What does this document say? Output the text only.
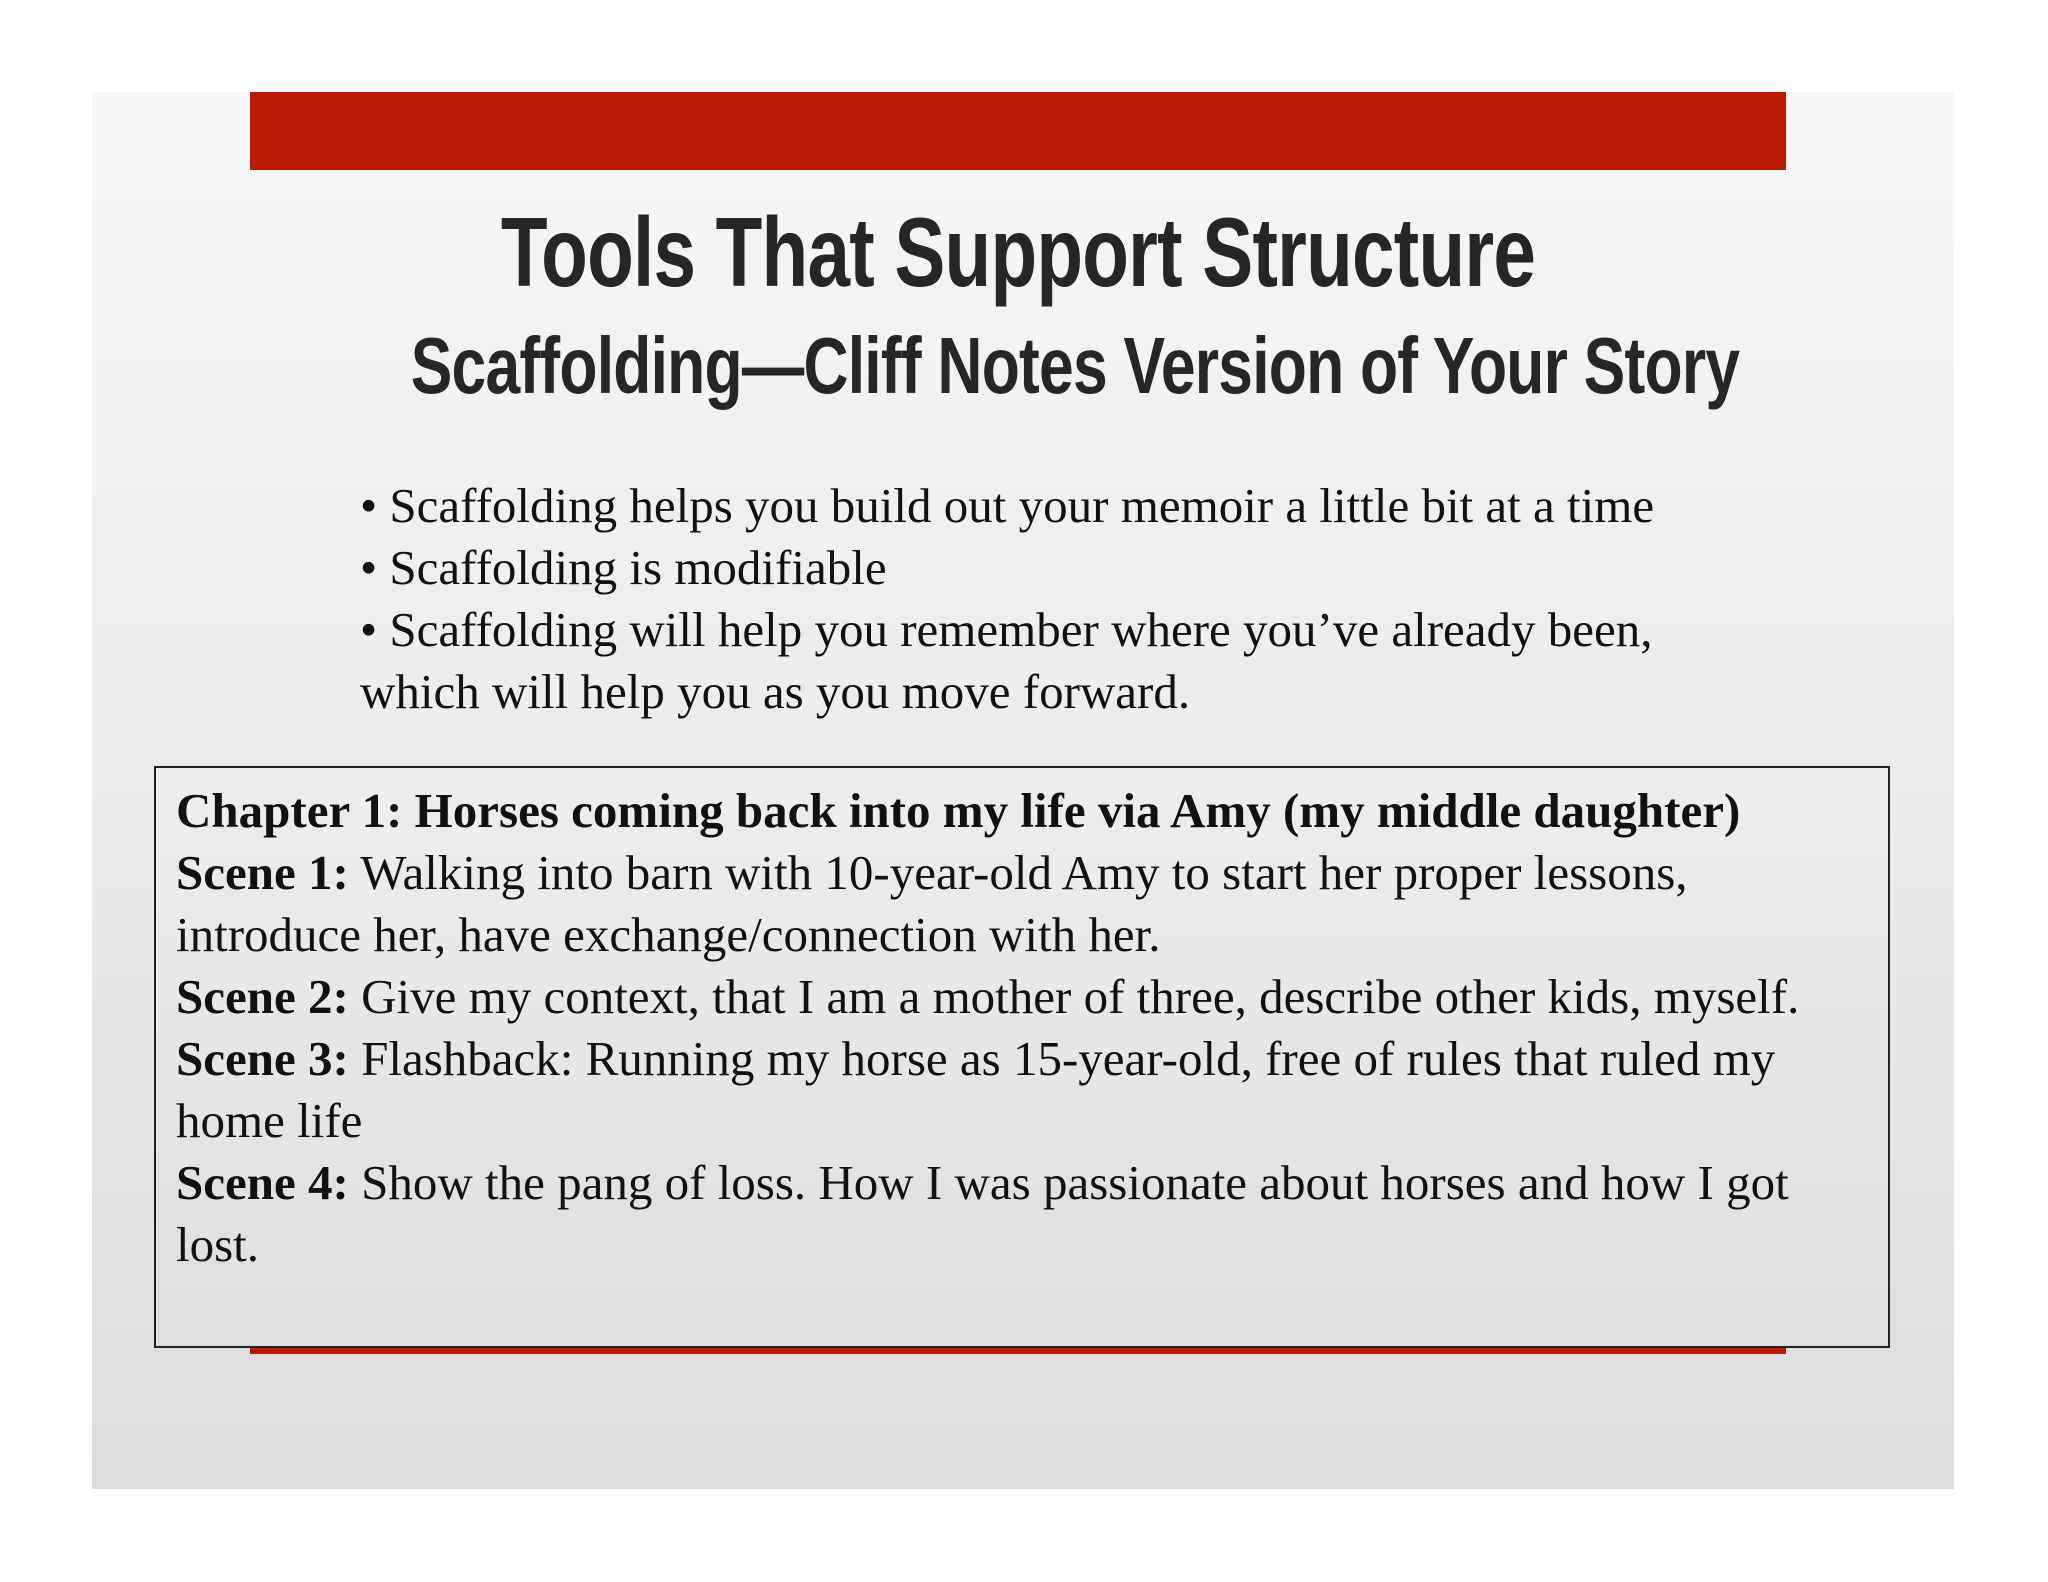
Tools That Support Structure
Scaffolding—Cliff Notes Version of Your Story
• Scaffolding helps you build out your memoir a little bit at a time
• Scaffolding is modifiable
• Scaffolding will help you remember where you’ve already been, which will help you as you move forward.

Chapter 1: Horses coming back into my life via Amy (my middle daughter)

Scene 1: Walking into barn with 10-year-old Amy to start her proper lessons, introduce her, have exchange/connection with her.

Scene 2: Give my context, that I am a mother of three, describe other kids, myself.

Scene 3: Flashback: Running my horse as 15-year-old, free of rules that ruled my home life

Scene 4: Show the pang of loss. How I was passionate about horses and how I got lost.
